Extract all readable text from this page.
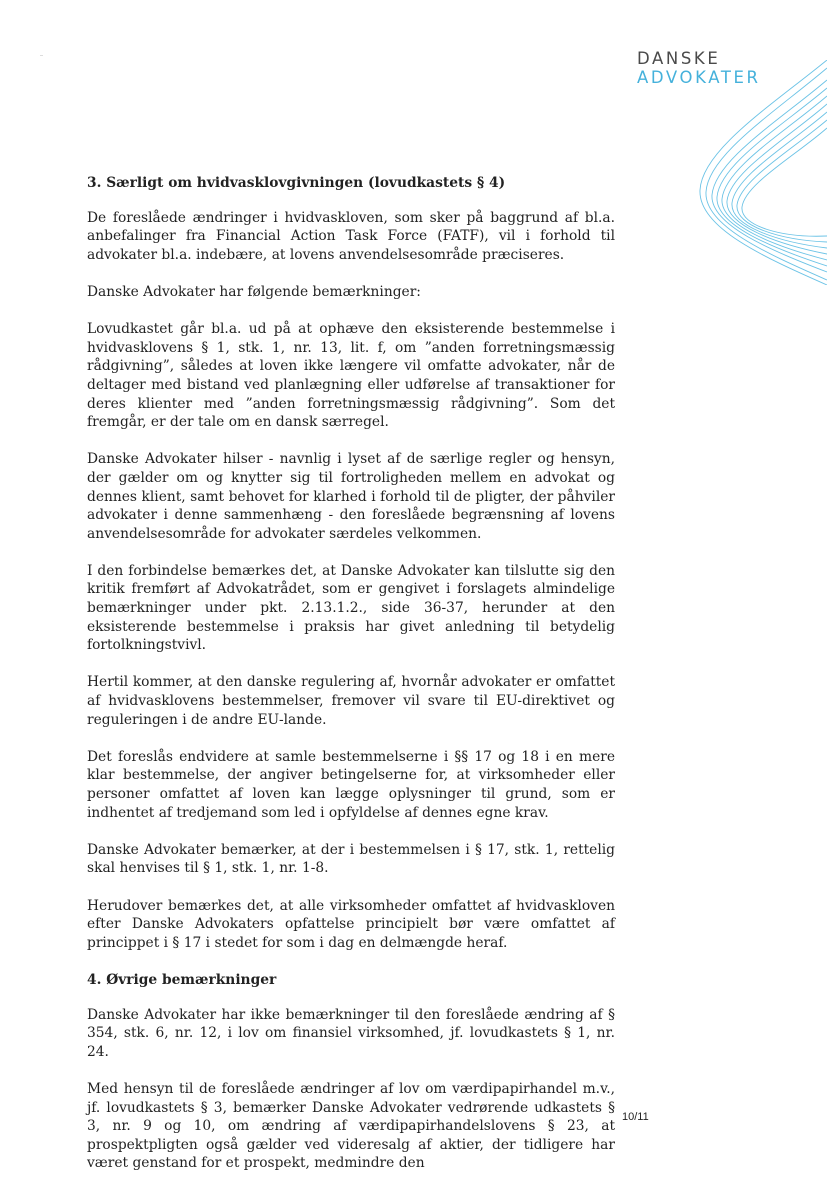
DANSKE
ADVOKATER
3. Særligt om hvidvasklovgivningen (lovudkastets § 4)

De foreslåede ændringer i hvidvaskloven, som sker på baggrund af bl.a. anbefalinger fra Financial Action Task Force (FATF), vil i forhold til advokater bl.a. indebære, at lovens anvendelsesområde præciseres.

Danske Advokater har følgende bemærkninger:

Lovudkastet går bl.a. ud på at ophæve den eksisterende bestemmelse i hvidvasklovens § 1, stk. 1, nr. 13, lit. f, om ”anden forretningsmæssig rådgivning”, således at loven ikke længere vil omfatte advokater, når de deltager med bistand ved planlægning eller udførelse af transaktioner for deres klienter med ”anden forretningsmæssig rådgivning”. Som det fremgår, er der tale om en dansk særregel.

Danske Advokater hilser - navnlig i lyset af de særlige regler og hensyn, der gælder om og knytter sig til fortroligheden mellem en advokat og dennes klient, samt behovet for klarhed i forhold til de pligter, der påhviler advokater i denne sammenhæng - den foreslåede begrænsning af lovens anvendelsesområde for advokater særdeles velkommen.

I den forbindelse bemærkes det, at Danske Advokater kan tilslutte sig den kritik fremført af Advokatrådet, som er gengivet i forslagets almindelige bemærkninger under pkt. 2.13.1.2., side 36-37, herunder at den eksisterende bestemmelse i praksis har givet anledning til betydelig fortolkningstvivl.

Hertil kommer, at den danske regulering af, hvornår advokater er omfattet af hvidvasklovens bestemmelser, fremover vil svare til EU-direktivet og reguleringen i de andre EU-lande.

Det foreslås endvidere at samle bestemmelserne i §§ 17 og 18 i en mere klar bestemmelse, der angiver betingelserne for, at virksomheder eller personer omfattet af loven kan lægge oplysninger til grund, som er indhentet af tredjemand som led i opfyldelse af dennes egne krav.

Danske Advokater bemærker, at der i bestemmelsen i § 17, stk. 1, rettelig skal henvises til § 1, stk. 1, nr. 1-8.

Herudover bemærkes det, at alle virksomheder omfattet af hvidvaskloven efter Danske Advokaters opfattelse principielt bør være omfattet af princippet i § 17 i stedet for som i dag en delmængde heraf.

4. Øvrige bemærkninger

Danske Advokater har ikke bemærkninger til den foreslåede ændring af § 354, stk. 6, nr. 12, i lov om finansiel virksomhed, jf. lovudkastets § 1, nr. 24.

Med hensyn til de foreslåede ændringer af lov om værdipapirhandel m.v., jf. lovudkastets § 3, bemærker Danske Advokater vedrørende udkastets § 3, nr. 9 og 10, om ændring af værdipapirhandelslovens § 23, at prospektpligten også gælder ved videresalg af aktier, der tidligere har været genstand for et prospekt, medmindre den

10/11
